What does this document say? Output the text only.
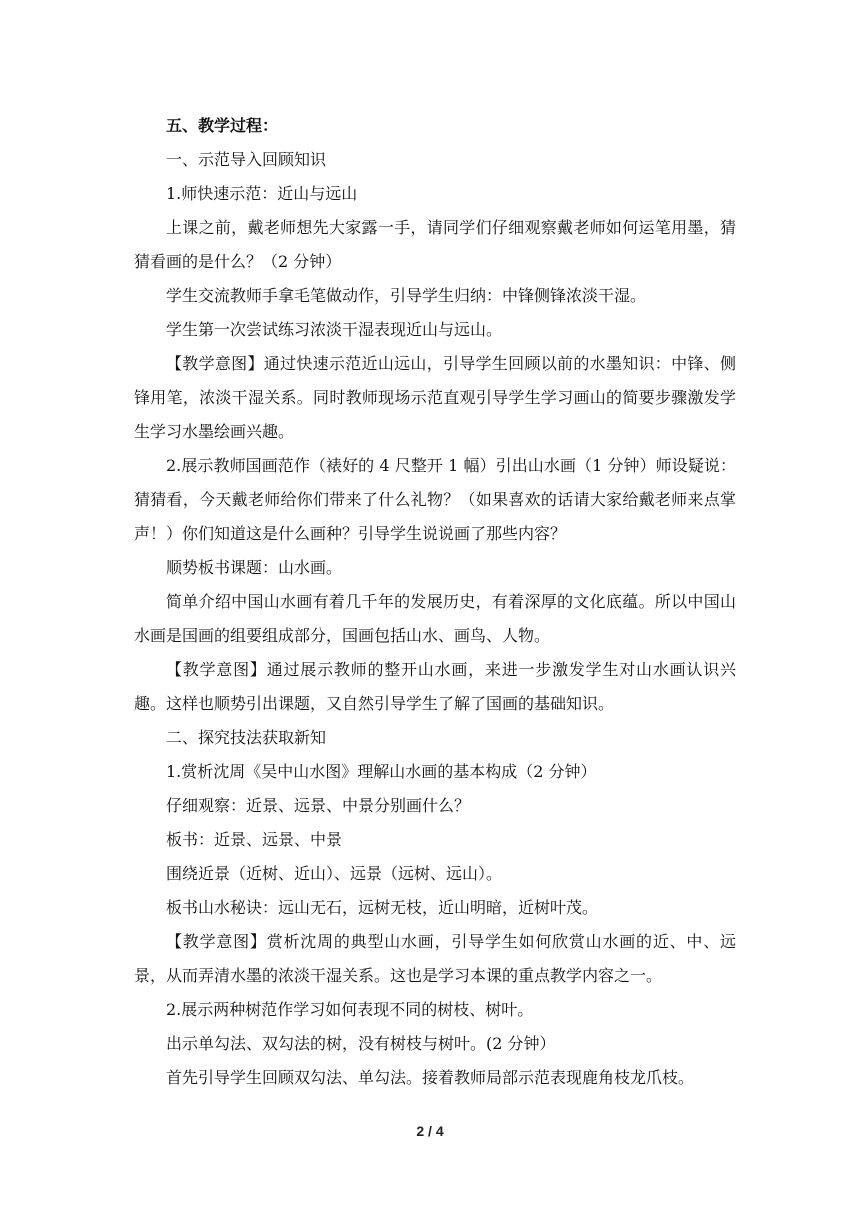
五、教学过程：

一、示范导入回顾知识

1.师快速示范：近山与远山

上课之前，戴老师想先大家露一手，请同学们仔细观察戴老师如何运笔用墨，猜猜看画的是什么？（2 分钟）

学生交流教师手拿毛笔做动作，引导学生归纳：中锋侧锋浓淡干湿。

学生第一次尝试练习浓淡干湿表现近山与远山。

【教学意图】通过快速示范近山远山，引导学生回顾以前的水墨知识：中锋、侧锋用笔，浓淡干湿关系。同时教师现场示范直观引导学生学习画山的简要步骤激发学生学习水墨绘画兴趣。

2.展示教师国画范作（裱好的 4 尺整开 1 幅）引出山水画（1 分钟）师设疑说：猜猜看，今天戴老师给你们带来了什么礼物？（如果喜欢的话请大家给戴老师来点掌声！）你们知道这是什么画种？引导学生说说画了那些内容？

顺势板书课题：山水画。

简单介绍中国山水画有着几千年的发展历史，有着深厚的文化底蕴。所以中国山水画是国画的组要组成部分，国画包括山水、画鸟、人物。

【教学意图】通过展示教师的整开山水画，来进一步激发学生对山水画认识兴趣。这样也顺势引出课题，又自然引导学生了解了国画的基础知识。

二、探究技法获取新知

1.赏析沈周《吴中山水图》理解山水画的基本构成（2 分钟）

仔细观察：近景、远景、中景分别画什么？

板书：近景、远景、中景

围绕近景（近树、近山）、远景（远树、远山）。

板书山水秘诀：远山无石，远树无枝，近山明暗，近树叶茂。

【教学意图】赏析沈周的典型山水画，引导学生如何欣赏山水画的近、中、远景，从而弄清水墨的浓淡干湿关系。这也是学习本课的重点教学内容之一。

2.展示两种树范作学习如何表现不同的树枝、树叶。

出示单勾法、双勾法的树，没有树枝与树叶。(2 分钟）

首先引导学生回顾双勾法、单勾法。接着教师局部示范表现鹿角枝龙爪枝。

2 / 4
